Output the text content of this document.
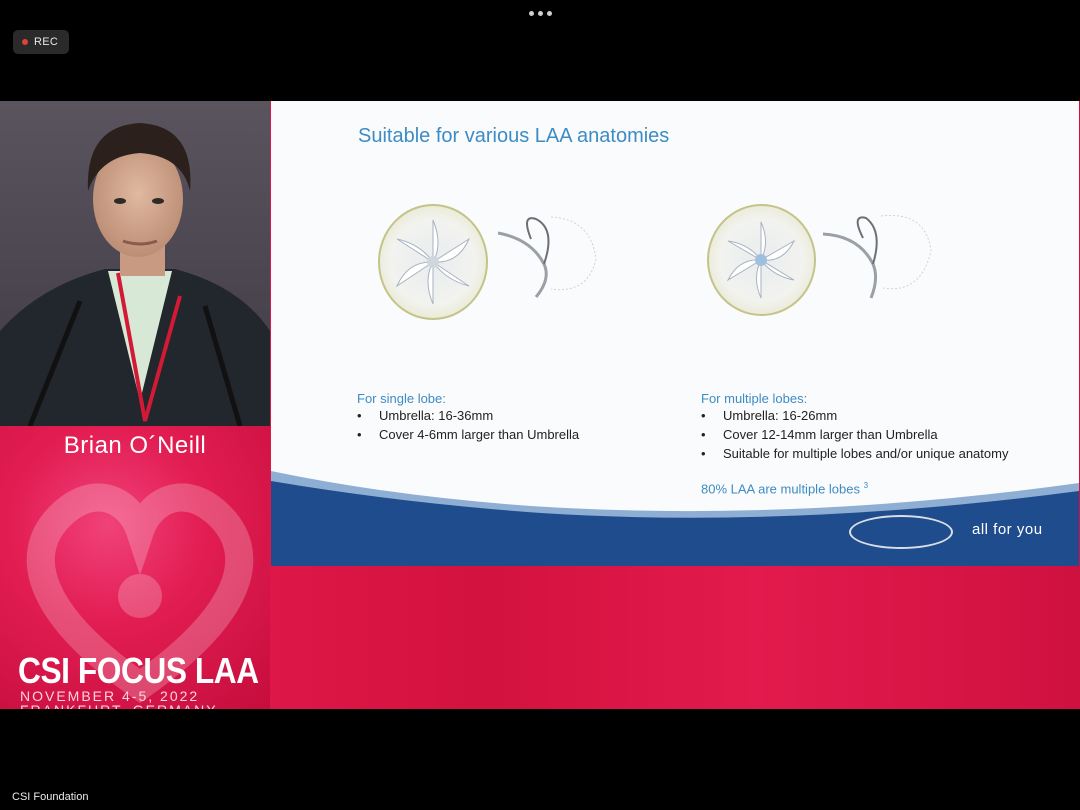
REC
Brian O´Neill
CSI FOCUS LAA
NOVEMBER 4-5, 2022
Suitable for various LAA anatomies
For single lobe:
• Umbrella: 16-36mm
• Cover 4-6mm larger than Umbrella
For multiple lobes:
• Umbrella: 16-26mm
• Cover 12-14mm larger than Umbrella
• Suitable for multiple lobes and/or unique anatomy
80% LAA are multiple lobes $^3$
all for you
CSI Foundation
